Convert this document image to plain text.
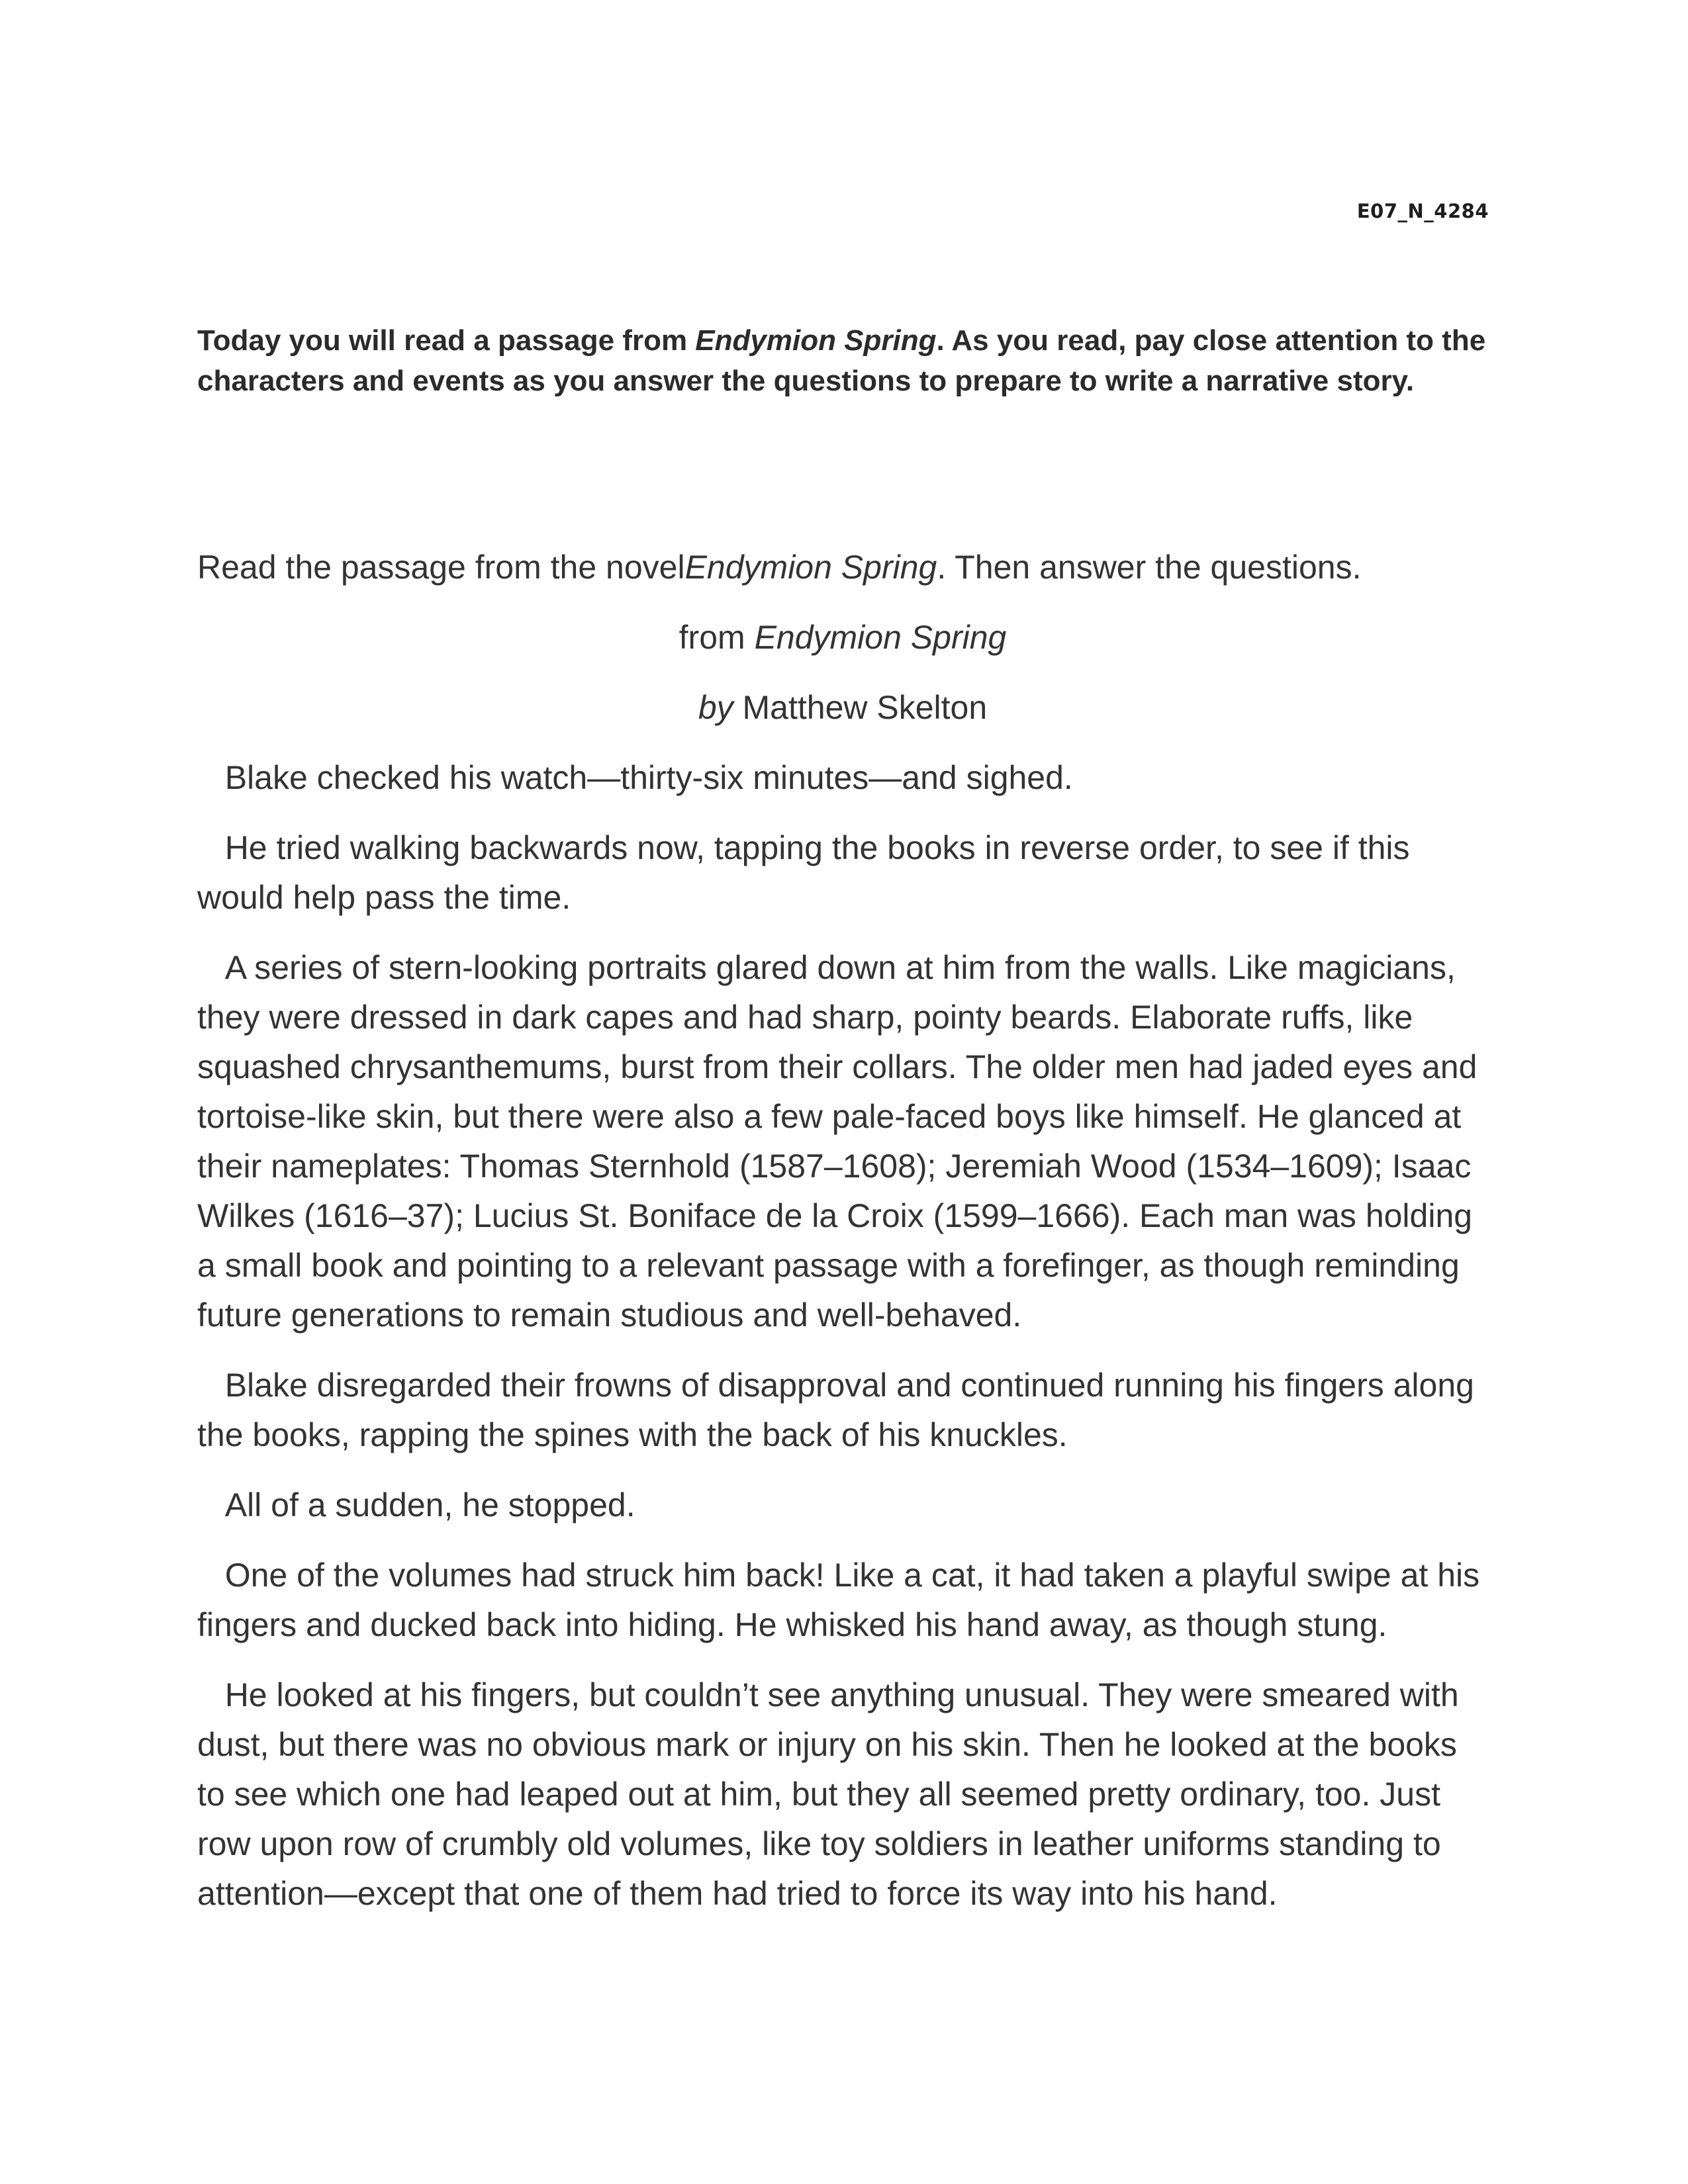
E07_N_4284
Today you will read a passage from Endymion Spring. As you read, pay close attention to the characters and events as you answer the questions to prepare to write a narrative story.

Read the passage from the novelEndymion Spring. Then answer the questions.

from Endymion Spring

by Matthew Skelton

Blake checked his watch—thirty-six minutes—and sighed.

He tried walking backwards now, tapping the books in reverse order, to see if this would help pass the time.

A series of stern-looking portraits glared down at him from the walls. Like magicians, they were dressed in dark capes and had sharp, pointy beards. Elaborate ruffs, like squashed chrysanthemums, burst from their collars. The older men had jaded eyes and tortoise-like skin, but there were also a few pale-faced boys like himself. He glanced at their nameplates: Thomas Sternhold (1587–1608); Jeremiah Wood (1534–1609); Isaac Wilkes (1616–37); Lucius St. Boniface de la Croix (1599–1666). Each man was holding a small book and pointing to a relevant passage with a forefinger, as though reminding future generations to remain studious and well-behaved.

Blake disregarded their frowns of disapproval and continued running his fingers along the books, rapping the spines with the back of his knuckles.

All of a sudden, he stopped.

One of the volumes had struck him back! Like a cat, it had taken a playful swipe at his fingers and ducked back into hiding. He whisked his hand away, as though stung.

He looked at his fingers, but couldn’t see anything unusual. They were smeared with dust, but there was no obvious mark or injury on his skin. Then he looked at the books to see which one had leaped out at him, but they all seemed pretty ordinary, too. Just row upon row of crumbly old volumes, like toy soldiers in leather uniforms standing to attention—except that one of them had tried to force its way into his hand.
